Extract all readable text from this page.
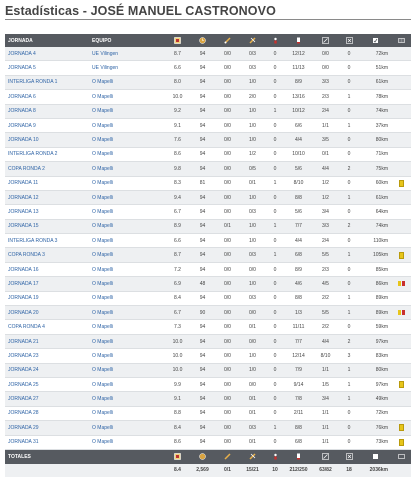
Estadísticas - JOSÉ MANUEL CASTRONOVO
JORNADA	EQUIPO											
JORNADA 4	UE Vilingen	8.7	94	0/0	0/3	0	12/12	0/0	0	72km		
JORNADA 5	UE Vilingen	6.6	94	0/0	0/3	0	11/13	0/0	0	51km		
INTERLIGA RONDA 1	O Mapelli	8.0	94	0/0	1/0	0	8/9	3/3	0	61km		
JORNADA 6	O Mapelli	10.0	94	0/0	2/0	0	13/16	2/3	1	78km		
JORNADA 8	O Mapelli	9.2	94	0/0	1/0	1	10/12	2/4	0	74km		
JORNADA 9	O Mapelli	9.1	94	0/0	1/0	0	6/6	1/1	1	37km		
JORNADA 10	O Mapelli	7.6	94	0/0	1/0	0	4/4	3/5	0	80km		
INTERLIGA RONDA 2	O Mapelli	8.6	94	0/0	1/2	0	10/10	0/1	0	71km		
COPA RONDA 2	O Mapelli	9.8	94	0/0	0/5	0	5/6	4/4	2	75km		
JORNADA 11	O Mapelli	8.3	81	0/0	0/1	1	8/10	1/2	0	60km		
JORNADA 12	O Mapelli	9.4	94	0/0	1/0	0	8/8	1/2	1	61km		
JORNADA 13	O Mapelli	6.7	94	0/0	0/3	0	5/6	3/4	0	64km		
JORNADA 15	O Mapelli	8.9	94	0/1	1/0	1	7/7	3/3	2	74km		
INTERLIGA RONDA 3	O Mapelli	6.6	94	0/0	1/0	0	4/4	2/4	0	110km		
COPA RONDA 3	O Mapelli	8.7	94	0/0	0/3	1	6/8	5/5	1	105km		
JORNADA 16	O Mapelli	7.2	94	0/0	0/0	0	8/9	2/3	0	85km		
JORNADA 17	O Mapelli	6.9	48	0/0	1/0	0	4/6	4/5	0	86km		
JORNADA 19	O Mapelli	8.4	94	0/0	0/3	0	8/8	2/2	1	89km		
JORNADA 20	O Mapelli	6.7	90	0/0	0/0	0	1/3	5/5	1	89km		
COPA RONDA 4	O Mapelli	7.3	94	0/0	0/1	0	11/11	2/2	0	59km		
JORNADA 21	O Mapelli	10.0	94	0/0	0/0	0	7/7	4/4	2	97km		
JORNADA 23	O Mapelli	10.0	94	0/0	1/0	0	12/14	8/10	3	83km		
JORNADA 24	O Mapelli	10.0	94	0/0	1/0	0	7/9	1/1	1	80km		
JORNADA 25	O Mapelli	9.9	94	0/0	0/0	0	9/14	1/5	1	97km		
JORNADA 27	O Mapelli	9.1	94	0/0	0/1	0	7/8	3/4	1	49km		
JORNADA 28	O Mapelli	8.8	94	0/0	0/1	0	2/11	1/1	0	72km		
JORNADA 29	O Mapelli	8.4	94	0/0	0/3	1	8/8	1/1	0	76km		
JORNADA 31	O Mapelli	8.6	94	0/0	0/1	0	6/8	1/1	0	73km		
TOTALES											
		8.4	2,569	0/1	15/21	10	212/250	63/82	18	2036km		
